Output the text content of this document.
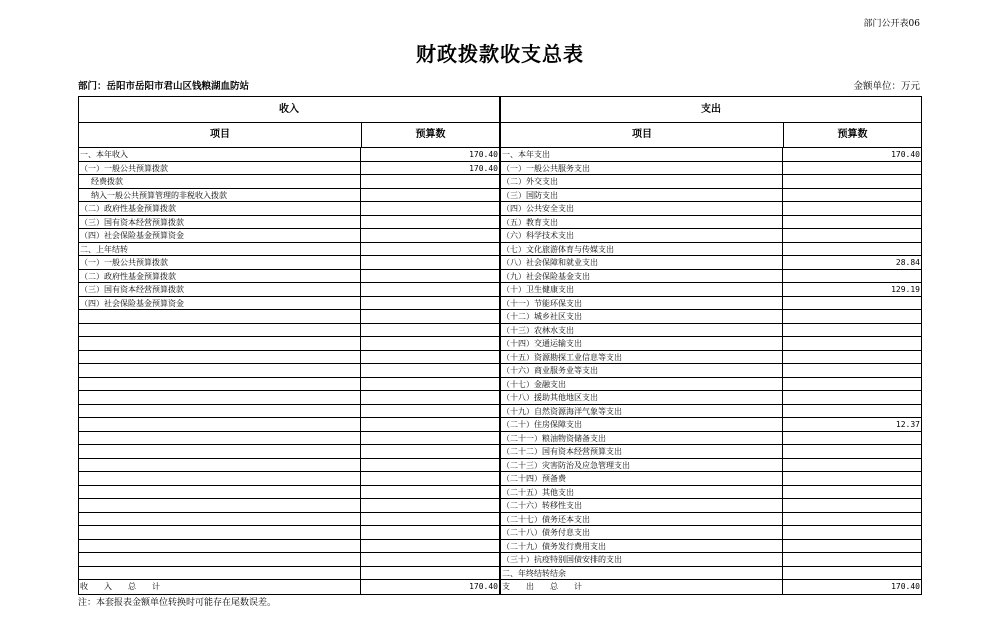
部门公开表06
财政拨款收支总表
部门：岳阳市岳阳市君山区钱粮湖血防站	金额单位：万元
收入
项目	预算数
一、本年收入	170.40
（一）一般公共预算拨款	170.40
经费拨款
纳入一般公共预算管理的非税收入拨款
（二）政府性基金预算拨款
（三）国有资本经营预算拨款
（四）社会保险基金预算资金
二、上年结转
（一）一般公共预算拨款
（二）政府性基金预算拨款
（三）国有资本经营预算拨款
（四）社会保险基金预算资金
收　　入　　总　　计	170.40
支出
项目	预算数
一、本年支出	170.40
（一）一般公共服务支出
（二）外交支出
（三）国防支出
（四）公共安全支出
（五）教育支出
（六）科学技术支出
（七）文化旅游体育与传媒支出
（八）社会保障和就业支出	28.84
（九）社会保险基金支出
（十）卫生健康支出	129.19
（十一）节能环保支出
（十二）城乡社区支出
（十三）农林水支出
（十四）交通运输支出
（十五）资源勘探工业信息等支出
（十六）商业服务业等支出
（十七）金融支出
（十八）援助其他地区支出
（十九）自然资源海洋气象等支出
（二十）住房保障支出	12.37
（二十一）粮油物资储备支出
（二十二）国有资本经营预算支出
（二十三）灾害防治及应急管理支出
（二十四）预备费
（二十五）其他支出
（二十六）转移性支出
（二十七）债务还本支出
（二十八）债务付息支出
（二十九）债务发行费用支出
（三十）抗疫特别国债安排的支出
二、年终结转结余
支　　出　　总　　计	170.40
注：本套报表金额单位转换时可能存在尾数误差。
